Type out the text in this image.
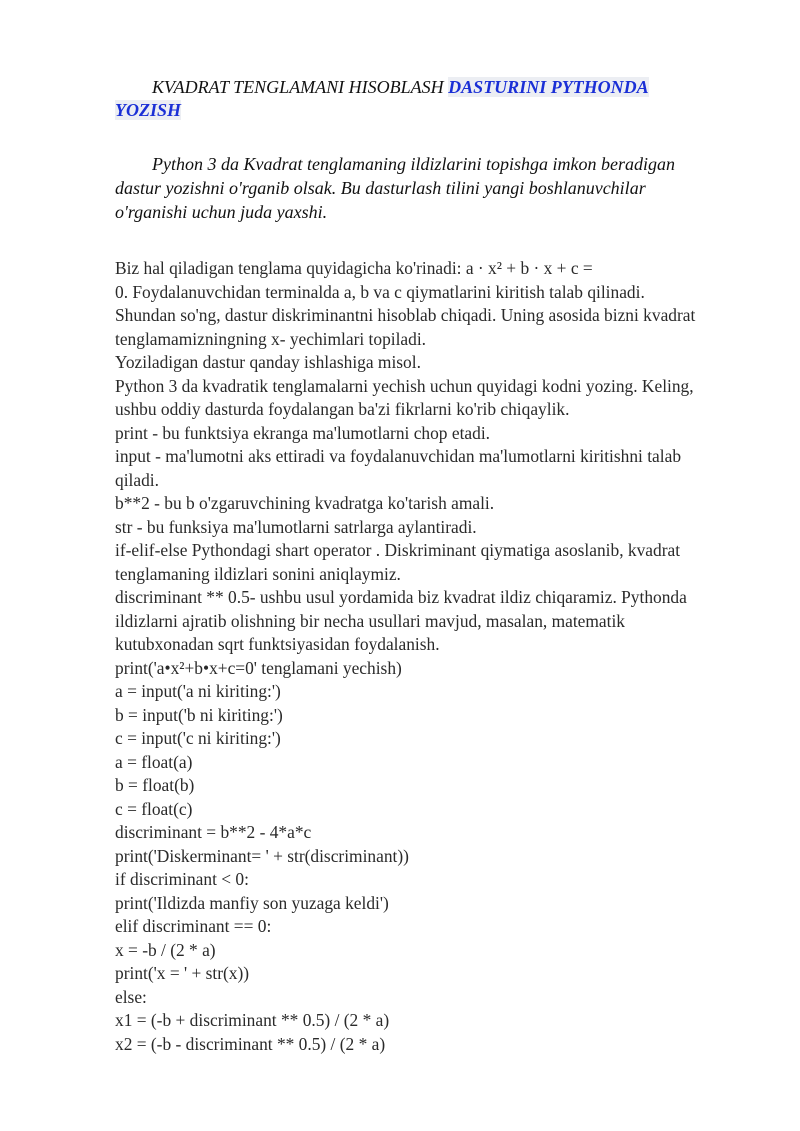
KVADRAT TENGLAMANI HISOBLASH DASTURINI PYTHONDA YOZISH
Python 3 da Kvadrat tenglamaning ildizlarini topishga imkon beradigan dastur yozishni o'rganib olsak. Bu dasturlash tilini yangi boshlanuvchilar o'rganishi uchun juda yaxshi.
Biz hal qiladigan tenglama quyidagicha ko'rinadi: a · x² + b · x + c =
0. Foydalanuvchidan terminalda a, b va c qiymatlarini kiritish talab qilinadi.
Shundan so'ng, dastur diskriminantni hisoblab chiqadi. Uning asosida bizni kvadrat
tenglamamizningning x- yechimlari topiladi.
Yoziladigan dastur qanday ishlashiga misol.
Python 3 da kvadratik tenglamalarni yechish uchun quyidagi kodni yozing. Keling,
ushbu oddiy dasturda foydalangan ba'zi fikrlarni ko'rib chiqaylik.
print - bu funktsiya ekranga ma'lumotlarni chop etadi.
input - ma'lumotni aks ettiradi va foydalanuvchidan ma'lumotlarni kiritishni talab
qiladi.
b**2 - bu b o'zgaruvchining kvadratga ko'tarish amali.
str - bu funksiya ma'lumotlarni satrlarga aylantiradi.
if-elif-else Pythondagi shart operator . Diskriminant qiymatiga asoslanib, kvadrat
tenglamaning ildizlari sonini aniqlaymiz.
discriminant ** 0.5- ushbu usul yordamida biz kvadrat ildiz chiqaramiz. Pythonda
ildizlarni ajratib olishning bir necha usullari mavjud, masalan, matematik
kutubxonadan sqrt funktsiyasidan foydalanish.
print('a•x²+b•x+c=0' tenglamani yechish)
a = input('a ni kiriting:')
b = input('b ni kiriting:')
c = input('c ni kiriting:')
a = float(a)
b = float(b)
c = float(c)
discriminant = b**2 - 4*a*c
print('Diskerminant= ' + str(discriminant))
if discriminant < 0:
print('Ildizda manfiy son yuzaga keldi')
elif discriminant == 0:
x = -b / (2 * a)
print('x = ' + str(x))
else:
x1 = (-b + discriminant ** 0.5) / (2 * a)
x2 = (-b - discriminant ** 0.5) / (2 * a)
